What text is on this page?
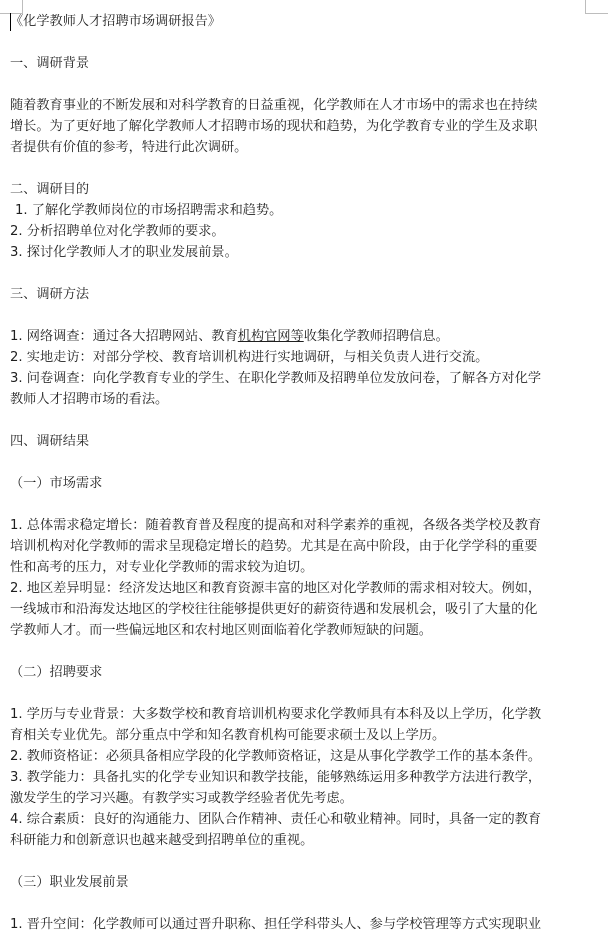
《化学教师人才招聘市场调研报告》

一、调研背景

随着教育事业的不断发展和对科学教育的日益重视，化学教师在人才市场中的需求也在持续

增长。为了更好地了解化学教师人才招聘市场的现状和趋势，为化学教育专业的学生及求职

者提供有价值的参考，特进行此次调研。

二、调研目的

1. 了解化学教师岗位的市场招聘需求和趋势。

2. 分析招聘单位对化学教师的要求。

3. 探讨化学教师人才的职业发展前景。

三、调研方法

1. 网络调查：通过各大招聘网站、教育机构官网等收集化学教师招聘信息。

2. 实地走访：对部分学校、教育培训机构进行实地调研，与相关负责人进行交流。

3. 问卷调查：向化学教育专业的学生、在职化学教师及招聘单位发放问卷，了解各方对化学

教师人才招聘市场的看法。

四、调研结果

（一）市场需求

1. 总体需求稳定增长：随着教育普及程度的提高和对科学素养的重视，各级各类学校及教育

培训机构对化学教师的需求呈现稳定增长的趋势。尤其是在高中阶段，由于化学学科的重要

性和高考的压力，对专业化学教师的需求较为迫切。

2. 地区差异明显：经济发达地区和教育资源丰富的地区对化学教师的需求相对较大。例如，

一线城市和沿海发达地区的学校往往能够提供更好的薪资待遇和发展机会，吸引了大量的化

学教师人才。而一些偏远地区和农村地区则面临着化学教师短缺的问题。

（二）招聘要求

1. 学历与专业背景：大多数学校和教育培训机构要求化学教师具有本科及以上学历，化学教

育相关专业优先。部分重点中学和知名教育机构可能要求硕士及以上学历。

2. 教师资格证：必须具备相应学段的化学教师资格证，这是从事化学教学工作的基本条件。

3. 教学能力：具备扎实的化学专业知识和教学技能，能够熟练运用多种教学方法进行教学，

激发学生的学习兴趣。有教学实习或教学经验者优先考虑。

4. 综合素质：良好的沟通能力、团队合作精神、责任心和敬业精神。同时，具备一定的教育

科研能力和创新意识也越来越受到招聘单位的重视。

（三）职业发展前景

1. 晋升空间：化学教师可以通过晋升职称、担任学科带头人、参与学校管理等方式实现职业
